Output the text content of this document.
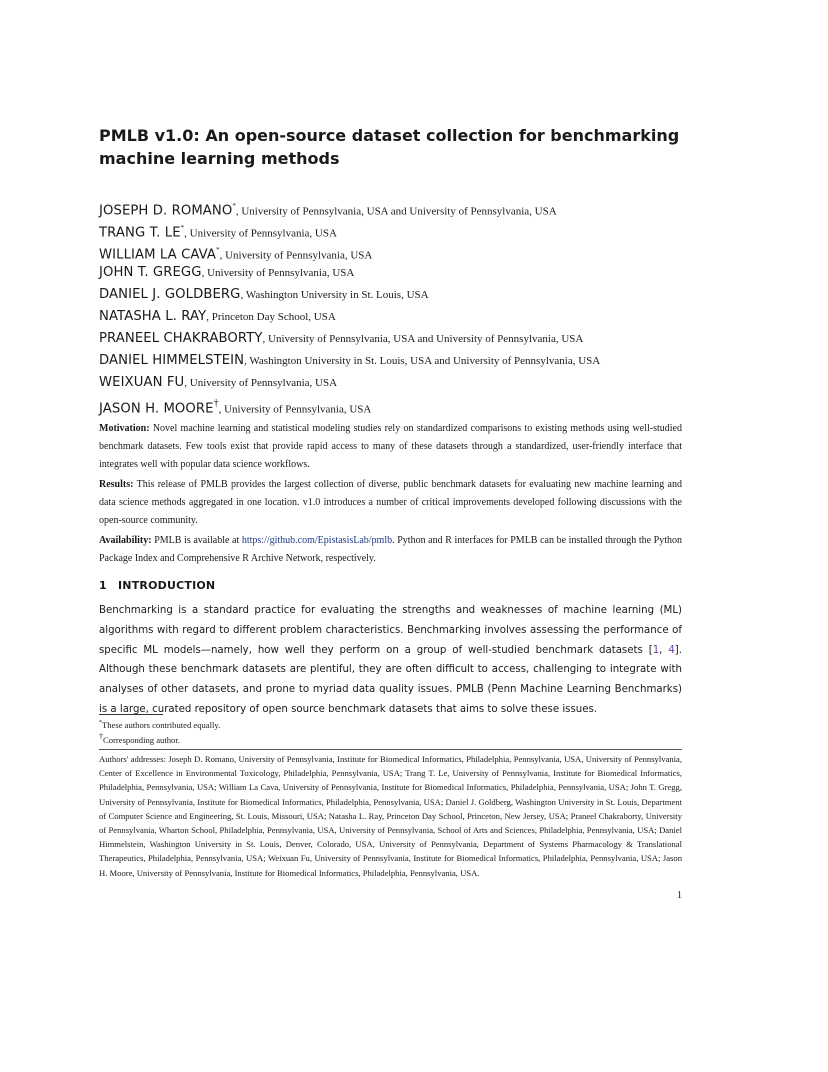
PMLB v1.0: An open-source dataset collection for benchmarking machine learning methods
JOSEPH D. ROMANO*, University of Pennsylvania, USA and University of Pennsylvania, USA
TRANG T. LE*, University of Pennsylvania, USA
WILLIAM LA CAVA*, University of Pennsylvania, USA
JOHN T. GREGG, University of Pennsylvania, USA
DANIEL J. GOLDBERG, Washington University in St. Louis, USA
NATASHA L. RAY, Princeton Day School, USA
PRANEEL CHAKRABORTY, University of Pennsylvania, USA and University of Pennsylvania, USA
DANIEL HIMMELSTEIN, Washington University in St. Louis, USA and University of Pennsylvania, USA
WEIXUAN FU, University of Pennsylvania, USA
JASON H. MOORE†, University of Pennsylvania, USA

Motivation: Novel machine learning and statistical modeling studies rely on standardized comparisons to existing methods using well-studied benchmark datasets. Few tools exist that provide rapid access to many of these datasets through a standardized, user-friendly interface that integrates well with popular data science workflows.

Results: This release of PMLB provides the largest collection of diverse, public benchmark datasets for evaluating new machine learning and data science methods aggregated in one location. v1.0 introduces a number of critical improvements developed following discussions with the open-source community.

Availability: PMLB is available at https://github.com/EpistasisLab/pmlb. Python and R interfaces for PMLB can be installed through the Python Package Index and Comprehensive R Archive Network, respectively.

1 INTRODUCTION

Benchmarking is a standard practice for evaluating the strengths and weaknesses of machine learning (ML) algorithms with regard to different problem characteristics. Benchmarking involves assessing the performance of specific ML models—namely, how well they perform on a group of well-studied benchmark datasets [1, 4]. Although these benchmark datasets are plentiful, they are often difficult to access, challenging to integrate with analyses of other datasets, and prone to myriad data quality issues. PMLB (Penn Machine Learning Benchmarks) is a large, curated repository of open source benchmark datasets that aims to solve these issues.

*These authors contributed equally.
†Corresponding author.

Authors' addresses: Joseph D. Romano, University of Pennsylvania, Institute for Biomedical Informatics, Philadelphia, Pennsylvania, USA, University of Pennsylvania, Center of Excellence in Environmental Toxicology, Philadelphia, Pennsylvania, USA; Trang T. Le, University of Pennsylvania, Institute for Biomedical Informatics, Philadelphia, Pennsylvania, USA; William La Cava, University of Pennsylvania, Institute for Biomedical Informatics, Philadelphia, Pennsylvania, USA; John T. Gregg, University of Pennsylvania, Institute for Biomedical Informatics, Philadelphia, Pennsylvania, USA; Daniel J. Goldberg, Washington University in St. Louis, Department of Computer Science and Engineering, St. Louis, Missouri, USA; Natasha L. Ray, Princeton Day School, Princeton, New Jersey, USA; Praneel Chakraborty, University of Pennsylvania, Wharton School, Philadelphia, Pennsylvania, USA, University of Pennsylvania, School of Arts and Sciences, Philadelphia, Pennsylvania, USA; Daniel Himmelstein, Washington University in St. Louis, Denver, Colorado, USA, University of Pennsylvania, Department of Systems Pharmacology & Translational Therapeutics, Philadelphia, Pennsylvania, USA; Weixuan Fu, University of Pennsylvania, Institute for Biomedical Informatics, Philadelphia, Pennsylvania, USA; Jason H. Moore, University of Pennsylvania, Institute for Biomedical Informatics, Philadelphia, Pennsylvania, USA.

1
